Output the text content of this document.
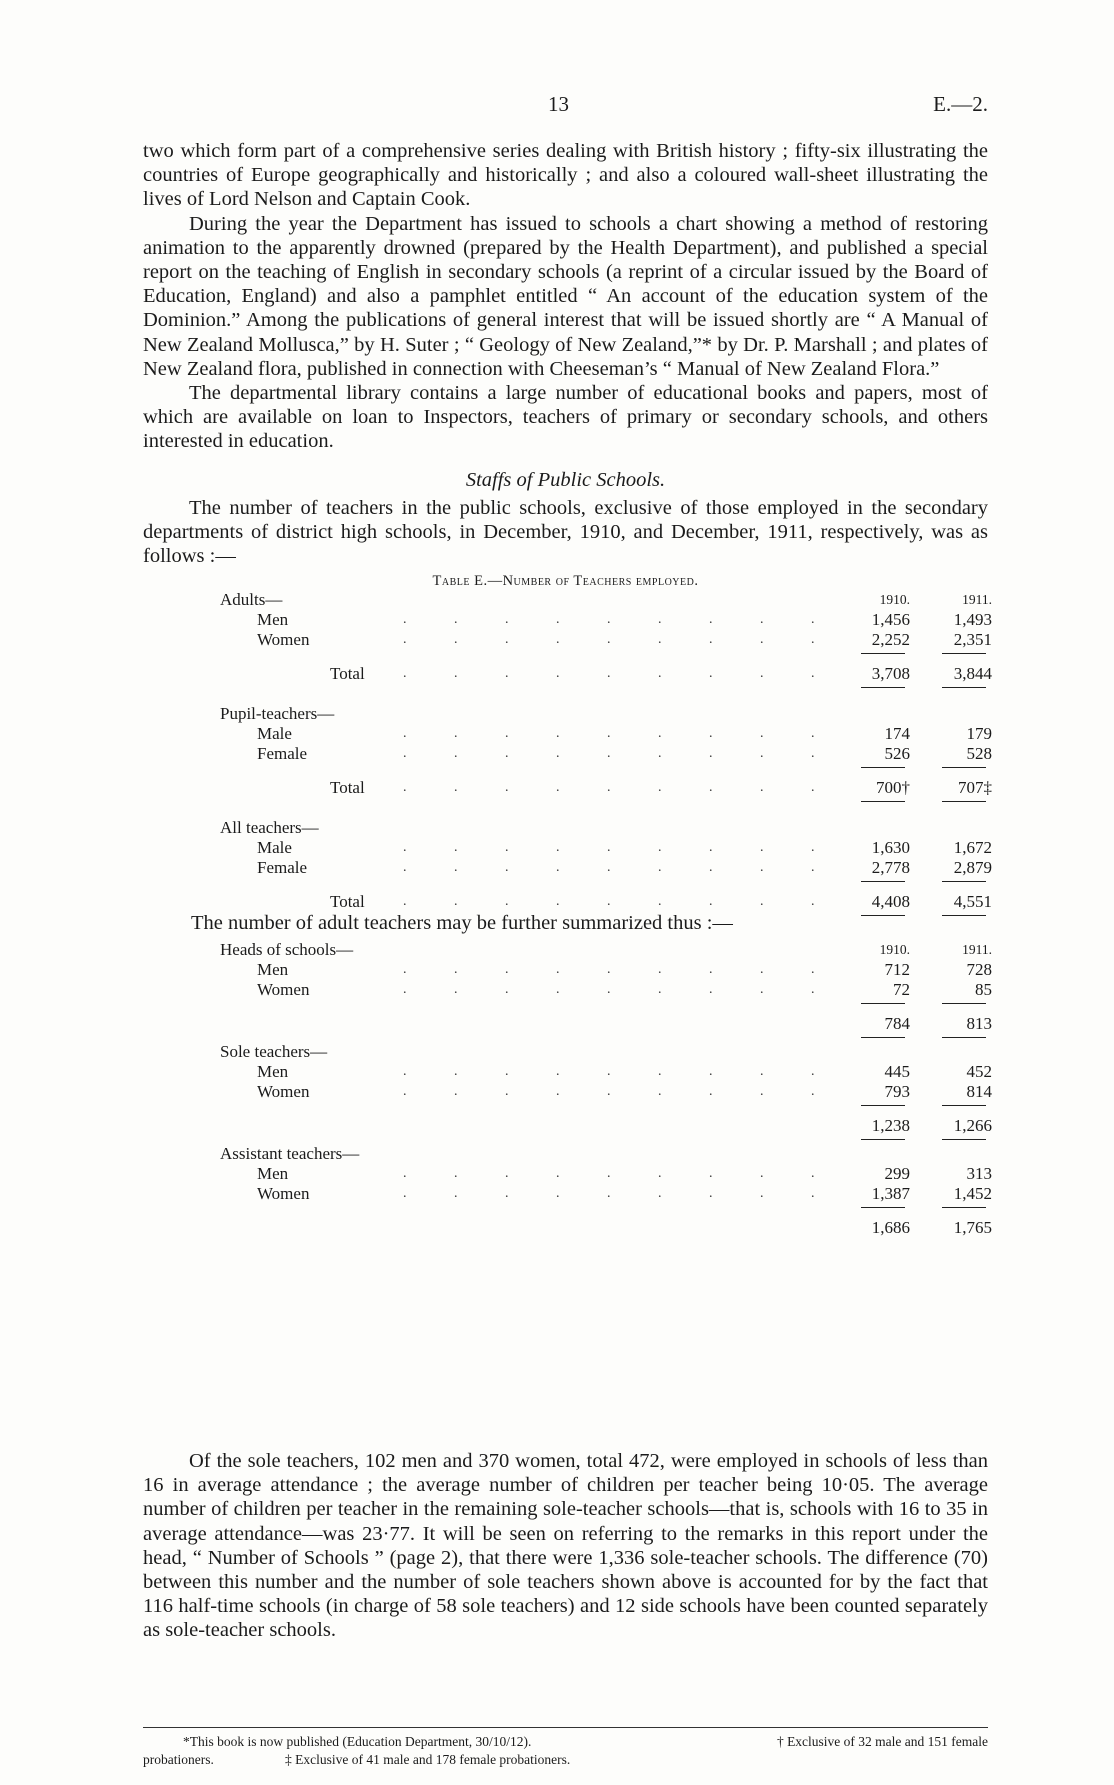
13	E.—2.

two which form part of a comprehensive series dealing with British history ; fifty-six illustrating the countries of Europe geographically and historically ; and also a coloured wall-sheet illustrating the lives of Lord Nelson and Captain Cook.

During the year the Department has issued to schools a chart showing a method of restoring animation to the apparently drowned (prepared by the Health Department), and published a special report on the teaching of English in secondary schools (a reprint of a circular issued by the Board of Education, England) and also a pamphlet entitled “ An account of the education system of the Dominion.” Among the publications of general interest that will be issued shortly are “ A Manual of New Zealand Mollusca,” by H. Suter ; “ Geology of New Zealand,”* by Dr. P. Marshall ; and plates of New Zealand flora, published in connection with Cheeseman’s “ Manual of New Zealand Flora.”

The departmental library contains a large number of educational books and papers, most of which are available on loan to Inspectors, teachers of primary or secondary schools, and others interested in education.

Staffs of Public Schools.

The number of teachers in the public schools, exclusive of those employed in the secondary departments of district high schools, in December, 1910, and December, 1911, respectively, was as follows :—

Table E.—Number of Teachers employed.
Adults—	1910.	1911.
Men	. . . . . . . . .	1,456	1,493
Women	. . . . . . . . .	2,252	2,351
Total	. . . . . . . . .	3,708	3,844
Pupil-teachers—
Male	. . . . . . . . .	174	179
Female	. . . . . . . . .	526	528
Total	. . . . . . . . .	700†	707‡
All teachers—
Male	. . . . . . . . .	1,630	1,672
Female	. . . . . . . . .	2,778	2,879
Total	. . . . . . . . .	4,408	4,551
The number of adult teachers may be further summarized thus :—
Heads of schools—	1910.	1911.
Men	. . . . . . . . .	712	728
Women	. . . . . . . . .	72	85
784	813
Sole teachers—
Men	. . . . . . . . .	445	452
Women	. . . . . . . . .	793	814
1,238	1,266
Assistant teachers—
Men	. . . . . . . . .	299	313
Women	. . . . . . . . .	1,387	1,452
1,686	1,765

Of the sole teachers, 102 men and 370 women, total 472, were employed in schools of less than 16 in average attendance ; the average number of children per teacher being 10·05. The average number of children per teacher in the remaining sole-teacher schools—that is, schools with 16 to 35 in average attendance—was 23·77. It will be seen on referring to the remarks in this report under the head, “ Number of Schools ” (page 2), that there were 1,336 sole-teacher schools. The difference (70) between this number and the number of sole teachers shown above is accounted for by the fact that 116 half-time schools (in charge of 58 sole teachers) and 12 side schools have been counted separately as sole-teacher schools.

*This book is now published (Education Department, 30/10/12).	† Exclusive of 32 male and 151 female
probationers.	‡ Exclusive of 41 male and 178 female probationers.
